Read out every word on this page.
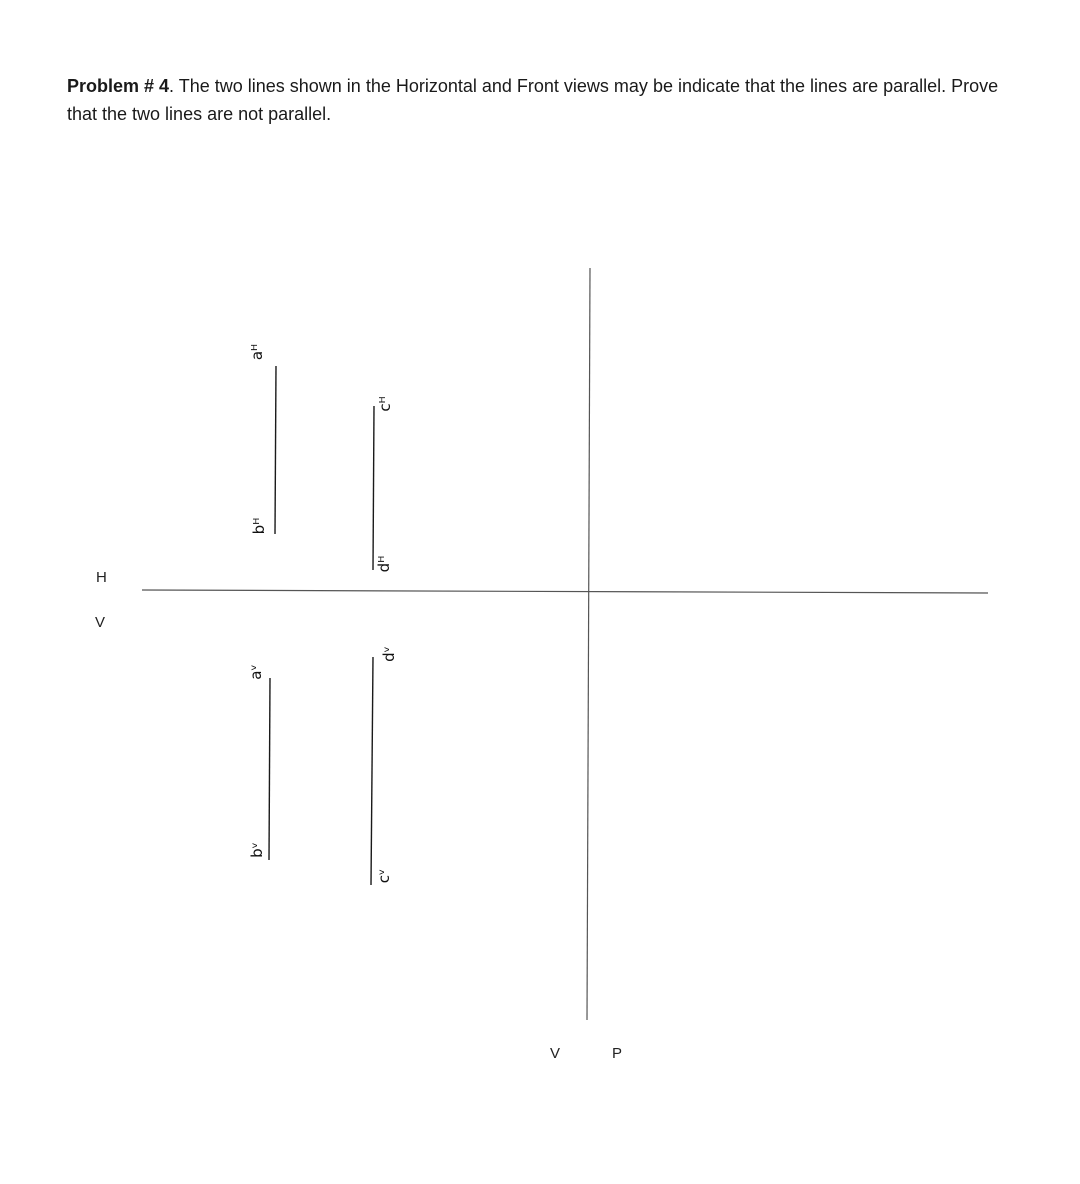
Problem # 4. The two lines shown in the Horizontal and Front views may be indicate that the lines are parallel. Prove that the two lines are not parallel.

H
V
V	P
aᴴ
bᴴ
cᴴ
dᴴ
aᵛ
bᵛ
cᵛ
dᵛ
